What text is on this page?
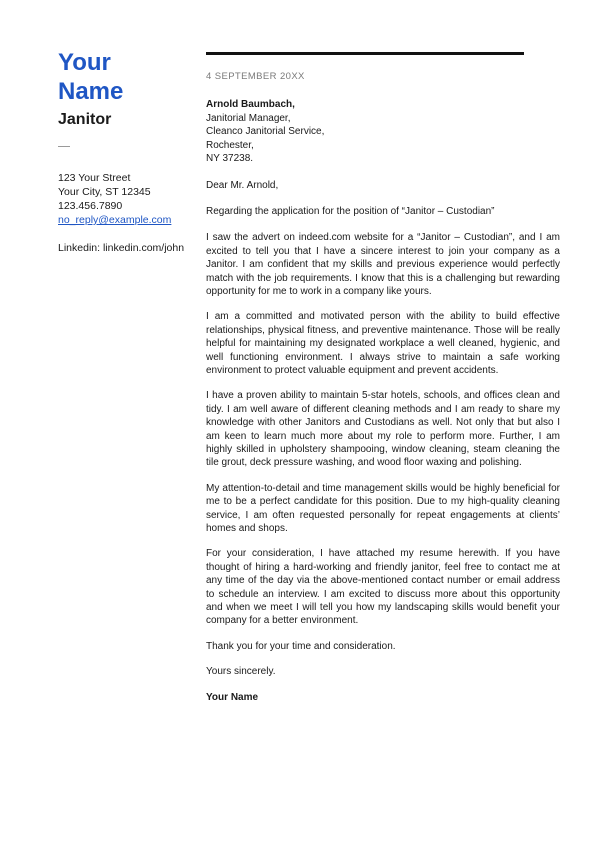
Your
Name
Janitor
123 Your Street
Your City, ST 12345
123.456.7890
no_reply@example.com
Linkedin: linkedin.com/john
4 SEPTEMBER 20XX
Arnold Baumbach,
Janitorial Manager,
Cleanco Janitorial Service,
Rochester,
NY 37238.
Dear Mr. Arnold,
Regarding the application for the position of “Janitor – Custodian”

I saw the advert on indeed.com website for a “Janitor – Custodian”, and I am excited to tell you that I have a sincere interest to join your company as a Janitor. I am confident that my skills and previous experience would perfectly match with the job requirements. I know that this is a challenging but rewarding opportunity for me to work in a company like yours.

I am a committed and motivated person with the ability to build effective relationships, physical fitness, and preventive maintenance. Those will be really helpful for maintaining my designated workplace a well cleaned, hygienic, and well functioning environment. I always strive to maintain a safe working environment to protect valuable equipment and prevent accidents.

I have a proven ability to maintain 5-star hotels, schools, and offices clean and tidy. I am well aware of different cleaning methods and I am ready to share my knowledge with other Janitors and Custodians as well. Not only that but also I am keen to learn much more about my role to perform more. Further, I am highly skilled in upholstery shampooing, window cleaning, steam cleaning the tile grout, deck pressure washing, and wood floor waxing and polishing.

My attention-to-detail and time management skills would be highly beneficial for me to be a perfect candidate for this position. Due to my high-quality cleaning service, I am often requested personally for repeat engagements at clients’ homes and shops.

For your consideration, I have attached my resume herewith. If you have thought of hiring a hard-working and friendly janitor, feel free to contact me at any time of the day via the above-mentioned contact number or email address to schedule an interview. I am excited to discuss more about this opportunity and when we meet I will tell you how my landscaping skills would benefit your company for a better environment.

Thank you for your time and consideration.
Yours sincerely.
Your Name
